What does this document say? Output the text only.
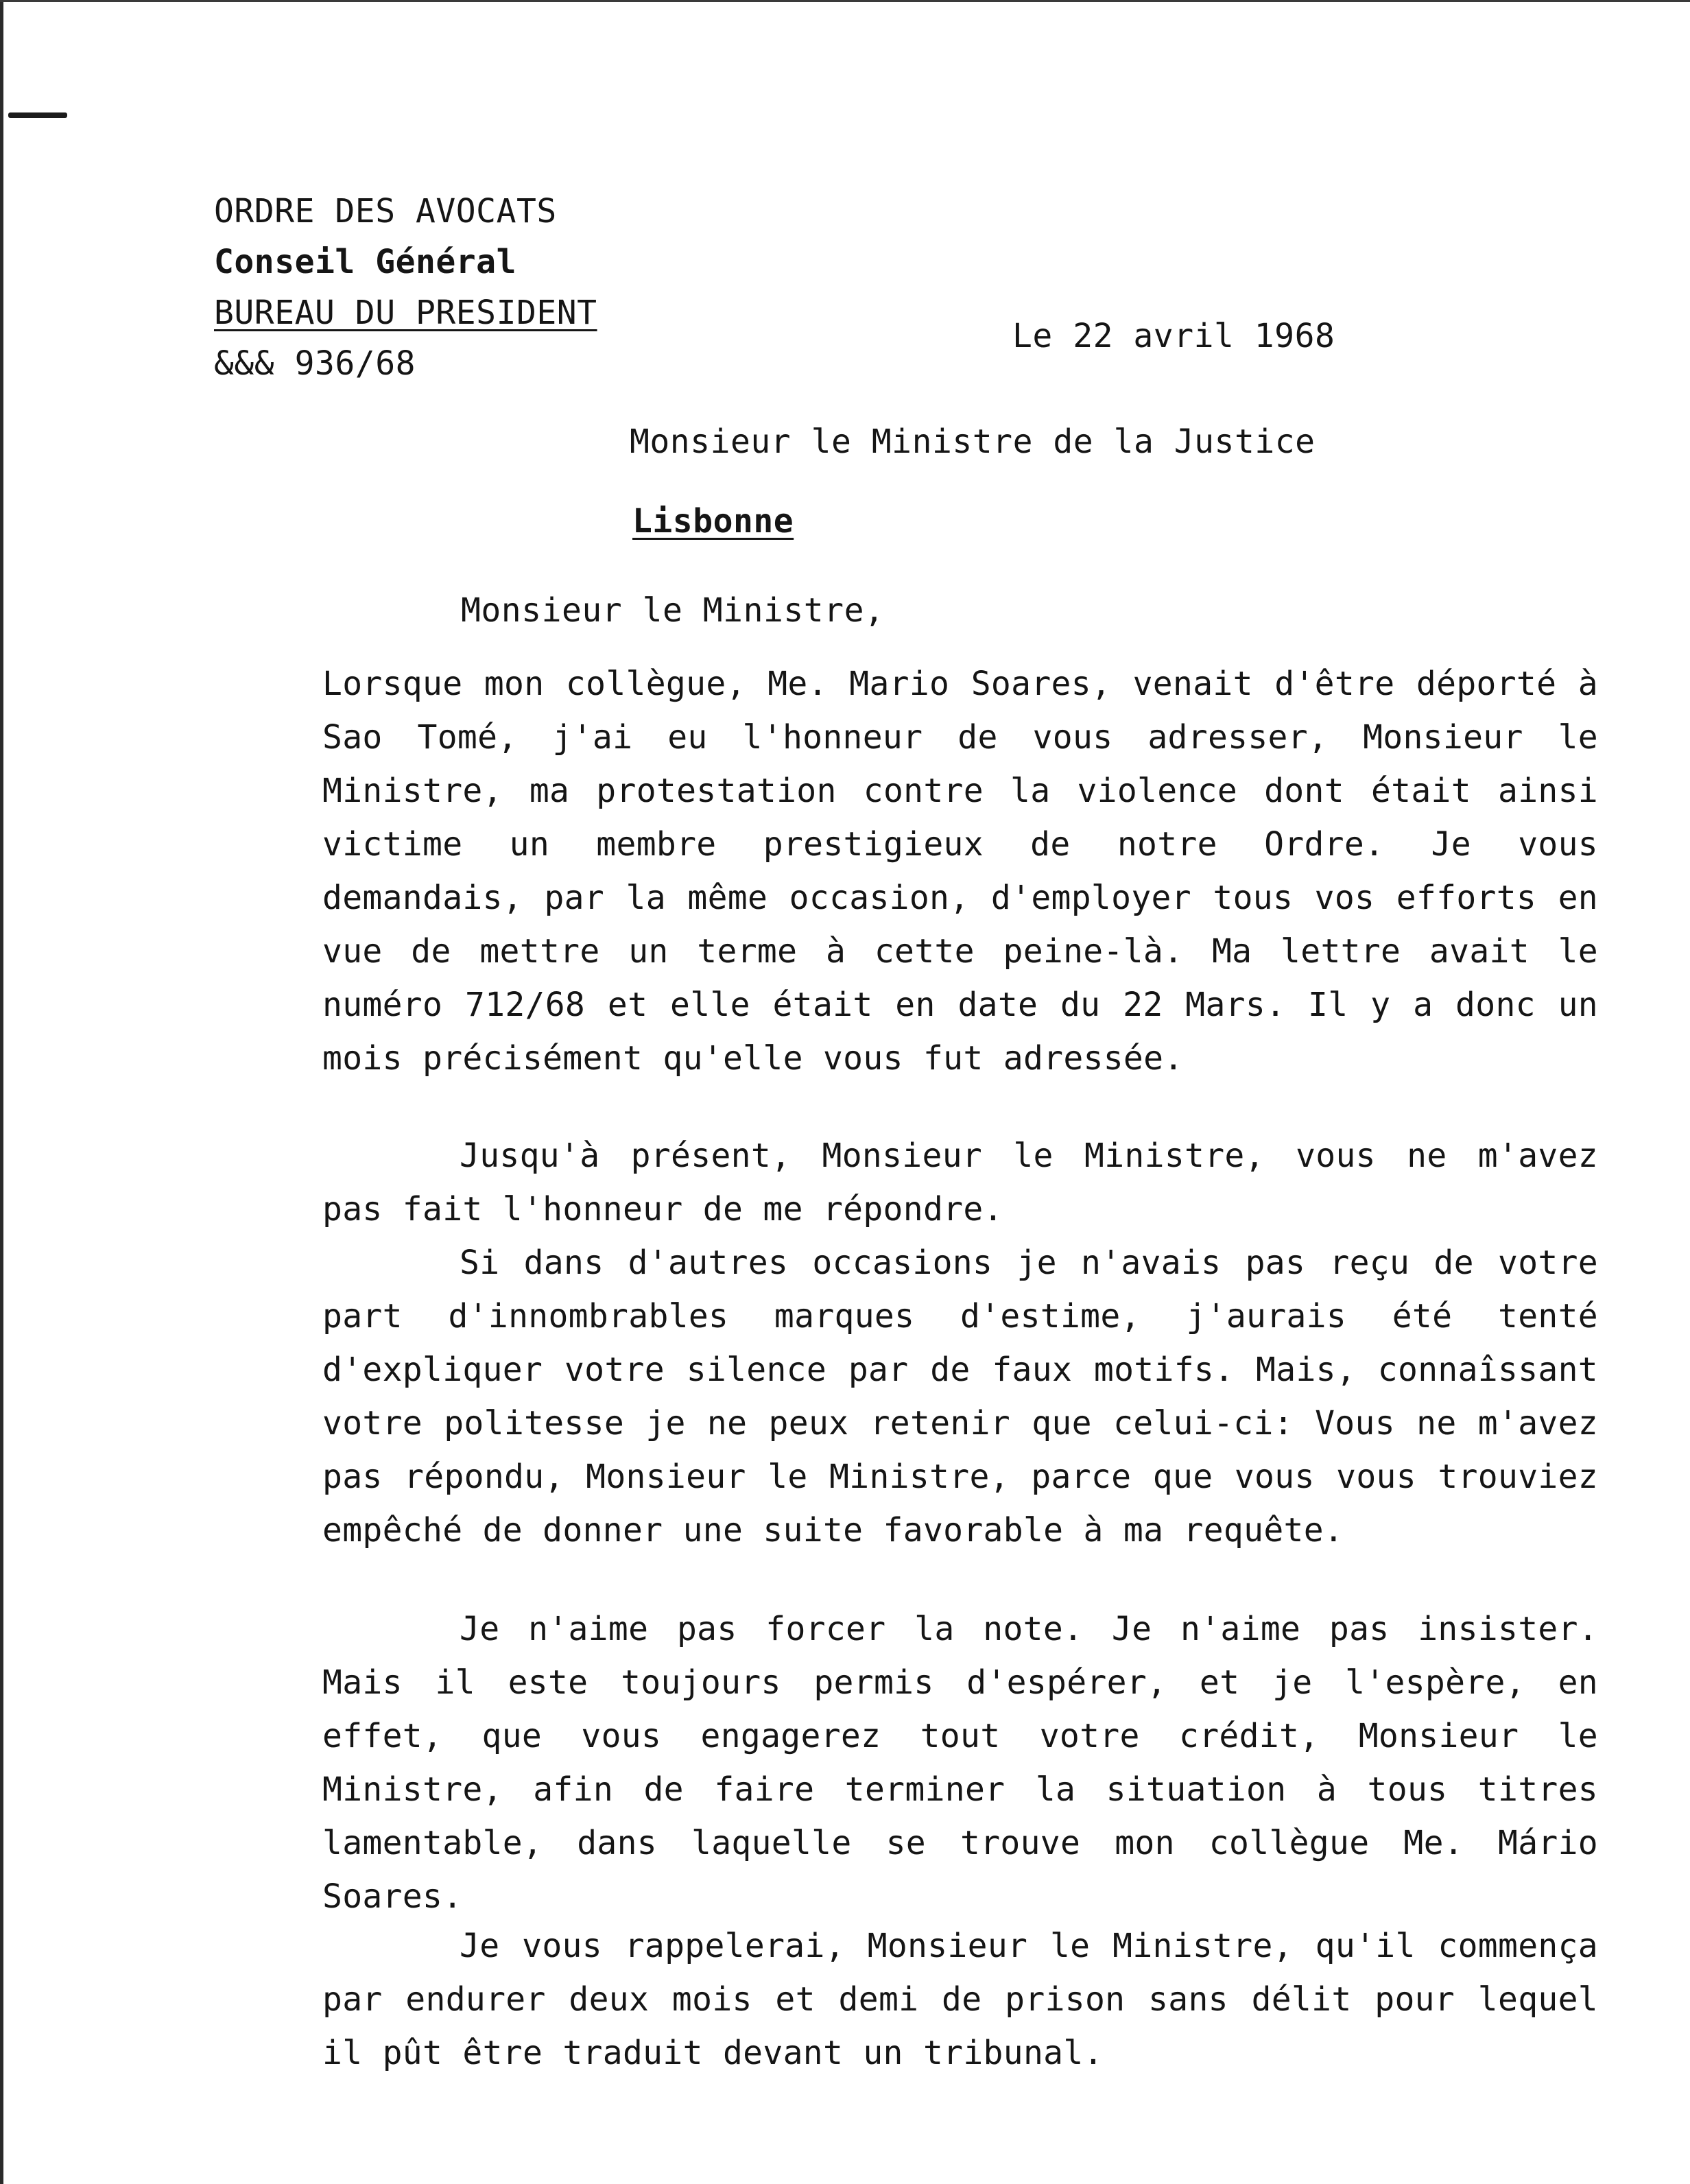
ORDRE DES AVOCATS
Conseil Général
BUREAU DU PRESIDENT
&&& 936/68
Le 22 avril 1968
Monsieur le Ministre de la Justice
Lisbonne
Monsieur le Ministre,
Lorsque mon collègue, Me. Mario Soares, venait d'être déporté à Sao Tomé, j'ai eu l'honneur de vous adresser, Monsieur le Ministre, ma protestation contre la violence dont était ainsi victime un membre prestigieux de notre Ordre. Je vous demandais, par la même occasion, d'employer tous vos efforts en vue de mettre un terme à cette peine-là. Ma lettre avait le numéro 712/68 et elle était en date du 22 Mars. Il y a donc un mois précisément qu'elle vous fut adressée.
Jusqu'à présent, Monsieur le Ministre, vous ne m'avez pas fait l'honneur de me répondre.
Si dans d'autres occasions je n'avais pas reçu de votre part d'innombrables marques d'estime, j'aurais été tenté d'expliquer votre silence par de faux motifs. Mais, connaîssant votre politesse je ne peux retenir que celui-ci: Vous ne m'avez pas répondu, Monsieur le Ministre, parce que vous vous trouviez empêché de donner une suite favorable à ma requête.
Je n'aime pas forcer la note. Je n'aime pas insister. Mais il este toujours permis d'espérer, et je l'espère, en effet, que vous engagerez tout votre crédit, Monsieur le Ministre, afin de faire terminer la situation à tous titres lamentable, dans laquelle se trouve mon collègue Me. Mário Soares.
Je vous rappelerai, Monsieur le Ministre, qu'il commença par endurer deux mois et demi de prison sans délit pour lequel il pût être traduit devant un tribunal.
